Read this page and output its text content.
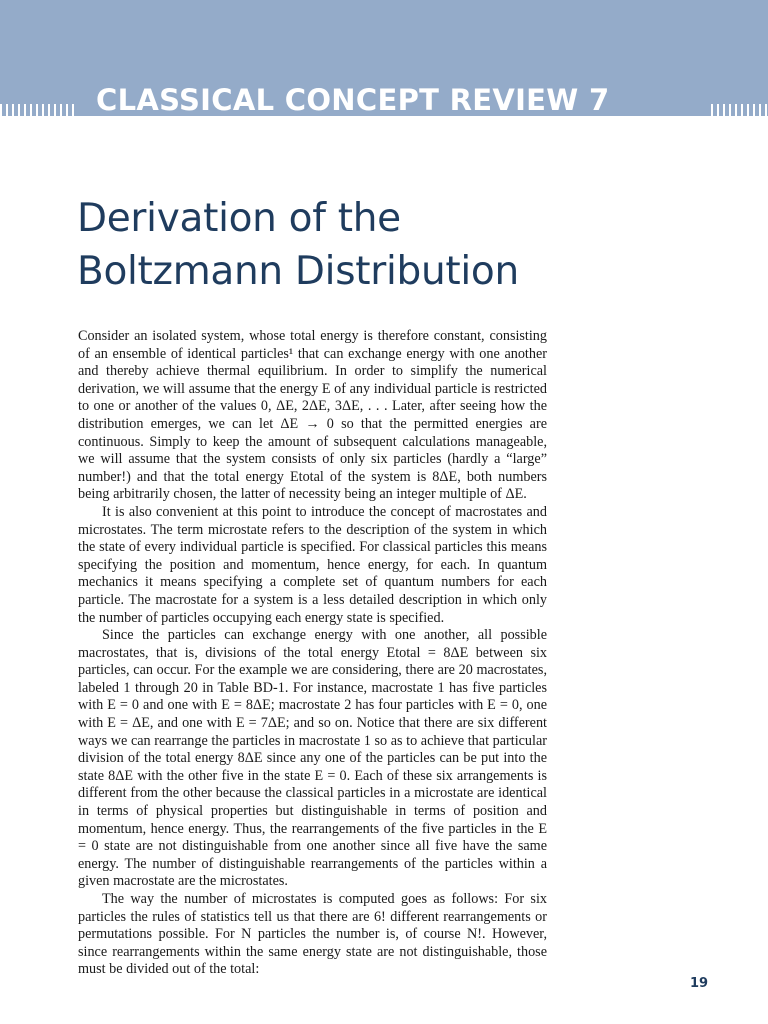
CLASSICAL CONCEPT REVIEW 7
Derivation of the
Boltzmann Distribution

Consider an isolated system, whose total energy is therefore constant, consisting of an ensemble of identical particles¹ that can exchange energy with one another and thereby achieve thermal equilibrium. In order to simplify the numerical derivation, we will assume that the energy E of any individual particle is restricted to one or another of the values 0, ΔE, 2ΔE, 3ΔE, . . . Later, after seeing how the distribution emerges, we can let ΔE → 0 so that the permitted energies are continuous. Simply to keep the amount of subsequent calculations manageable, we will assume that the system consists of only six particles (hardly a “large” number!) and that the total energy Etotal of the system is 8ΔE, both numbers being arbitrarily chosen, the latter of necessity being an integer multiple of ΔE.

It is also convenient at this point to introduce the concept of macrostates and microstates. The term microstate refers to the description of the system in which the state of every individual particle is specified. For classical particles this means specifying the position and momentum, hence energy, for each. In quantum mechanics it means specifying a complete set of quantum numbers for each particle. The macrostate for a system is a less detailed description in which only the number of particles occupying each energy state is specified.

Since the particles can exchange energy with one another, all possible macrostates, that is, divisions of the total energy Etotal = 8ΔE between six particles, can occur. For the example we are considering, there are 20 macrostates, labeled 1 through 20 in Table BD-1. For instance, macrostate 1 has five particles with E = 0 and one with E = 8ΔE; macrostate 2 has four particles with E = 0, one with E = ΔE, and one with E = 7ΔE; and so on. Notice that there are six different ways we can rearrange the particles in macrostate 1 so as to achieve that particular division of the total energy 8ΔE since any one of the particles can be put into the state 8ΔE with the other five in the state E = 0. Each of these six arrangements is different from the other because the classical particles in a microstate are identical in terms of physical properties but distinguishable in terms of position and momentum, hence energy. Thus, the rearrangements of the five particles in the E = 0 state are not distinguishable from one another since all five have the same energy. The number of distinguishable rearrangements of the particles within a given macrostate are the microstates.

The way the number of microstates is computed goes as follows: For six particles the rules of statistics tell us that there are 6! different rearrangements or permutations possible. For N particles the number is, of course N!. However, since rearrangements within the same energy state are not distinguishable, those must be divided out of the total:

19
